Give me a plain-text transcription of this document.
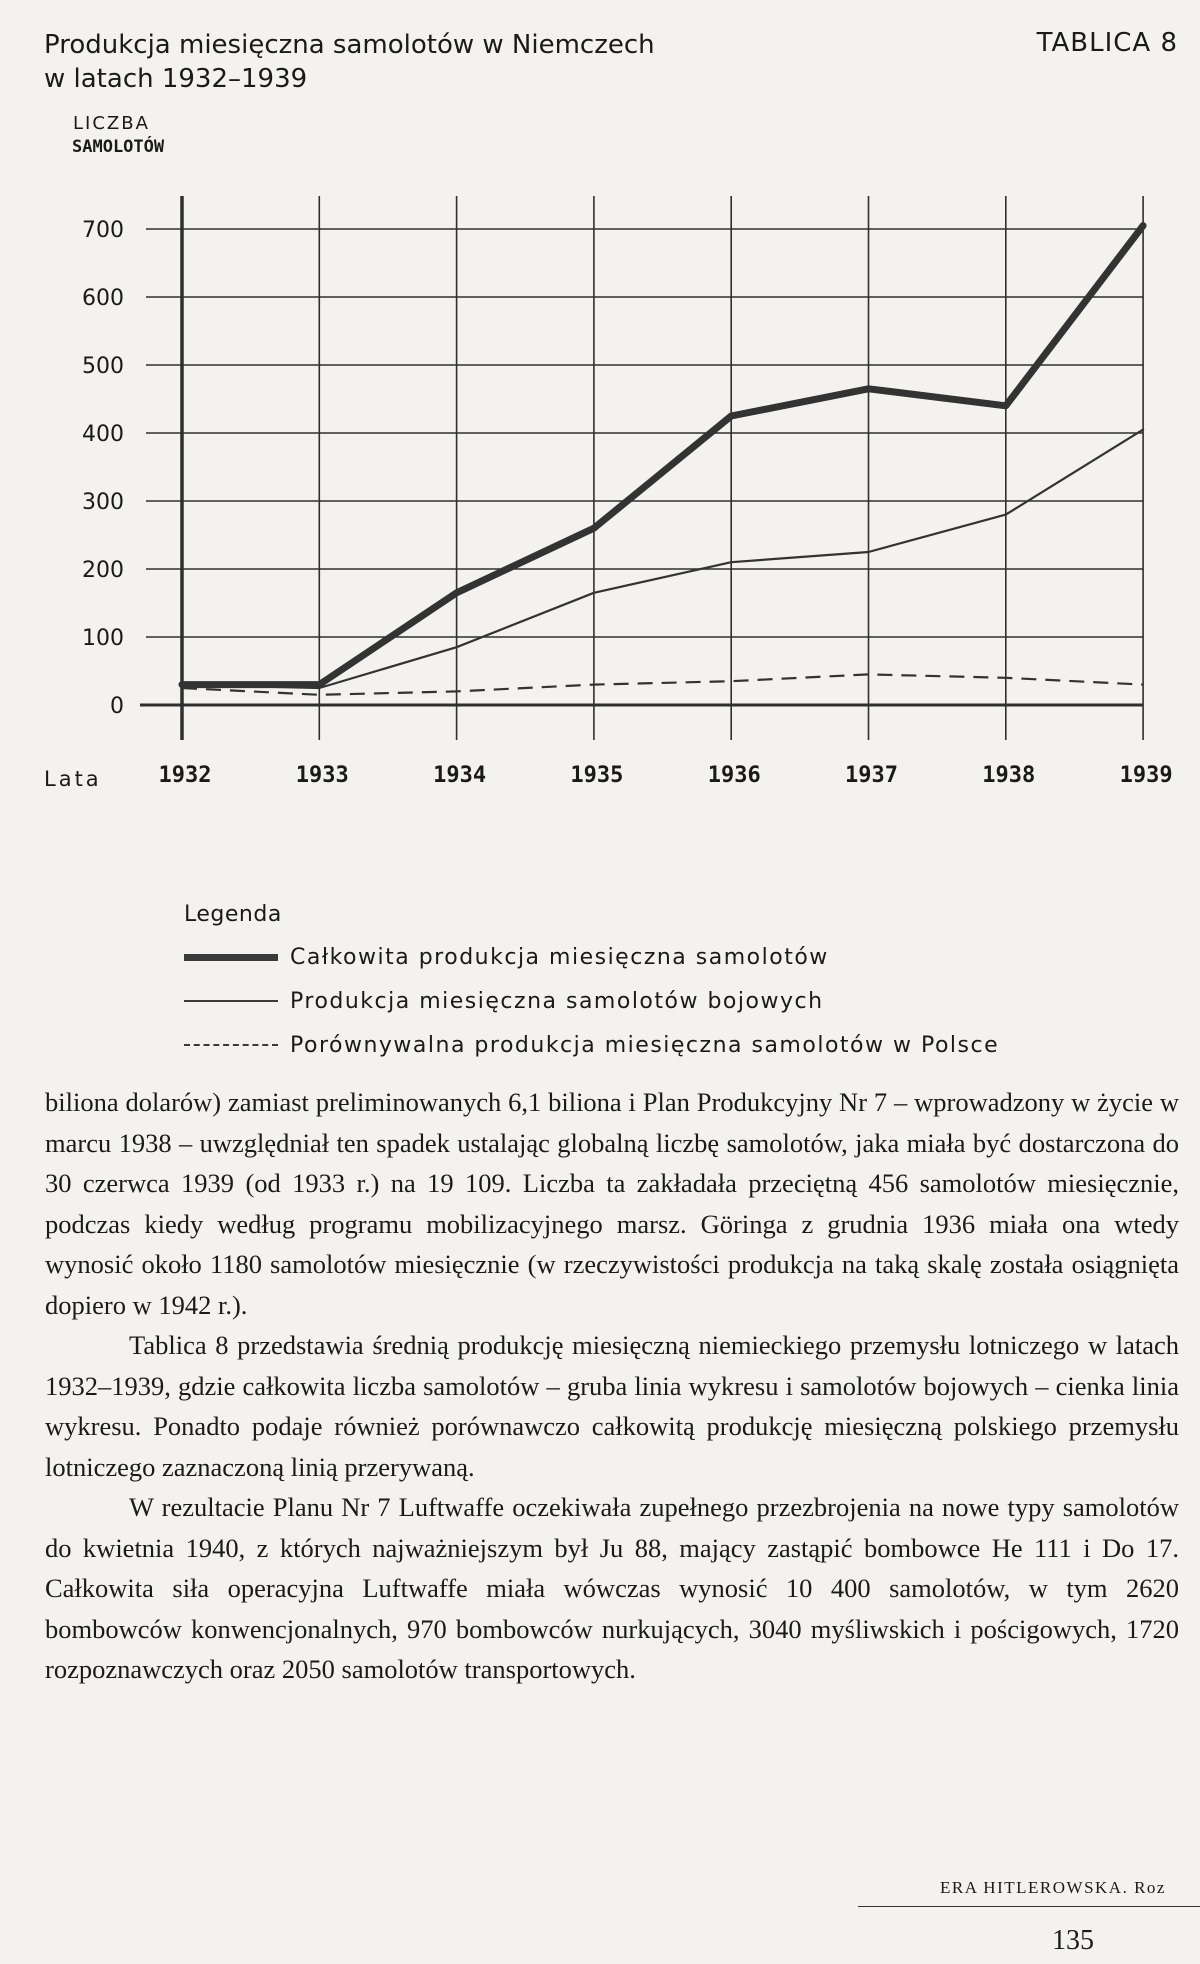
Produkcja miesięczna samolotów w Niemczech
w latach 1932–1939
TABLICA 8
0
100
200
300
400
500
600
700
LICZBA
SAMOLOTÓW
Lata	1932	1933	1934	1935	1936	1937	1938	1939
Legenda
Całkowita produkcja miesięczna samolotów
Produkcja miesięczna samolotów bojowych
Porównywalna produkcja miesięczna samolotów w Polsce

biliona dolarów) zamiast preliminowanych 6,1 biliona i Plan Produkcyjny Nr 7 – wprowadzony w życie w marcu 1938 – uwzględniał ten spadek ustalając globalną liczbę samolotów, jaka miała być dostarczona do 30 czerwca 1939 (od 1933 r.) na 19 109. Liczba ta zakładała przeciętną 456 samolotów miesięcznie, podczas kiedy według programu mobilizacyjnego marsz. Göringa z grudnia 1936 miała ona wtedy wynosić około 1180 samolotów miesięcznie (w rzeczywistości produkcja na taką skalę została osiągnięta dopiero w 1942 r.).

Tablica 8 przedstawia średnią produkcję miesięczną niemieckiego przemysłu lotniczego w latach 1932–1939, gdzie całkowita liczba samolotów – gruba linia wykresu i samolotów bojowych – cienka linia wykresu. Ponadto podaje również porównawczo całkowitą produkcję miesięczną polskiego przemysłu lotniczego zaznaczoną linią przerywaną.

W rezultacie Planu Nr 7 Luftwaffe oczekiwała zupełnego przezbrojenia na nowe typy samolotów do kwietnia 1940, z których najważniejszym był Ju 88, mający zastąpić bombowce He 111 i Do 17. Całkowita siła operacyjna Luftwaffe miała wówczas wynosić 10 400 samolotów, w tym 2620 bombowców konwencjonalnych, 970 bombowców nurkujących, 3040 myśliwskich i pościgowych, 1720 rozpoznawczych oraz 2050 samolotów transportowych.

ERA HITLEROWSKA. Roz
135
